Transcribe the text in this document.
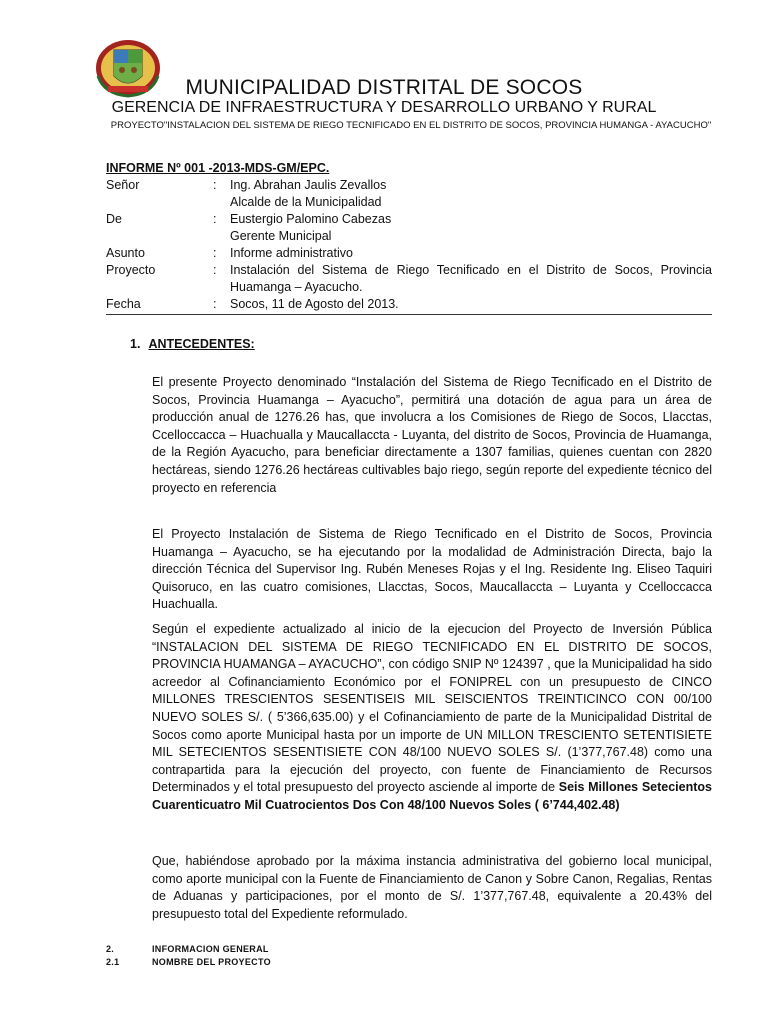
MUNICIPALIDAD DISTRITAL DE SOCOS
GERENCIA DE INFRAESTRUCTURA Y DESARROLLO URBANO Y RURAL
PROYECTO"INSTALACION DEL SISTEMA DE RIEGO TECNIFICADO EN EL DISTRITO DE SOCOS, PROVINCIA HUMANGA - AYACUCHO"
INFORME Nº 001 -2013-MDS-GM/EPC.
Señor	:	Ing. Abrahan Jaulis Zevallos
Alcalde de la Municipalidad
De	:	Eustergio Palomino Cabezas
Gerente Municipal
Asunto	:	Informe administrativo
Proyecto	:	Instalación del Sistema de Riego Tecnificado en el Distrito de Socos, Provincia Huamanga – Ayacucho.
Fecha	:	Socos, 11 de Agosto del 2013.
1. ANTECEDENTES:

El presente Proyecto denominado “Instalación del Sistema de Riego Tecnificado en el Distrito de Socos, Provincia Huamanga – Ayacucho”, permitirá una dotación de agua para un área de producción anual de 1276.26 has, que involucra a los Comisiones de Riego de Socos, Llacctas, Ccelloccacca – Huachualla y Maucallaccta - Luyanta, del distrito de Socos, Provincia de Huamanga, de la Región Ayacucho, para beneficiar directamente a 1307 familias, quienes cuentan con 2820 hectáreas, siendo 1276.26 hectáreas cultivables bajo riego, según reporte del expediente técnico del proyecto en referencia

El Proyecto Instalación de Sistema de Riego Tecnificado en el Distrito de Socos, Provincia Huamanga – Ayacucho, se ha ejecutando por la modalidad de Administración Directa, bajo la dirección Técnica del Supervisor Ing. Rubén Meneses Rojas y el Ing. Residente Ing. Eliseo Taquiri Quisoruco, en las cuatro comisiones, Llacctas, Socos, Maucallaccta – Luyanta y Ccelloccacca Huachualla.

Según el expediente actualizado al inicio de la ejecucion del Proyecto de Inversión Pública “INSTALACION DEL SISTEMA DE RIEGO TECNIFICADO EN EL DISTRITO DE SOCOS, PROVINCIA HUAMANGA – AYACUCHO”, con código SNIP Nº 124397 , que la Municipalidad ha sido acreedor al Cofinanciamiento Económico por el FONIPREL con un presupuesto de CINCO MILLONES TRESCIENTOS SESENTISEIS MIL SEISCIENTOS TREINTICINCO CON 00/100 NUEVO SOLES S/. ( 5’366,635.00) y el Cofinanciamiento de parte de la Municipalidad Distrital de Socos como aporte Municipal hasta por un importe de UN MILLON TRESCIENTO SETENTISIETE MIL SETECIENTOS SESENTISIETE CON 48/100 NUEVO SOLES S/. (1’377,767.48) como una contrapartida para la ejecución del proyecto, con fuente de Financiamiento de Recursos Determinados y el total presupuesto del proyecto asciende al importe de Seis Millones Setecientos Cuarenticuatro Mil Cuatrocientos Dos Con 48/100 Nuevos Soles ( 6’744,402.48)

Que, habiéndose aprobado por la máxima instancia administrativa del gobierno local municipal, como aporte municipal con la Fuente de Financiamiento de Canon y Sobre Canon, Regalias, Rentas de Aduanas y participaciones, por el monto de S/. 1’377,767.48, equivalente a 20.43% del presupuesto total del Expediente reformulado.

2.	INFORMACION GENERAL
2.1	NOMBRE DEL PROYECTO
